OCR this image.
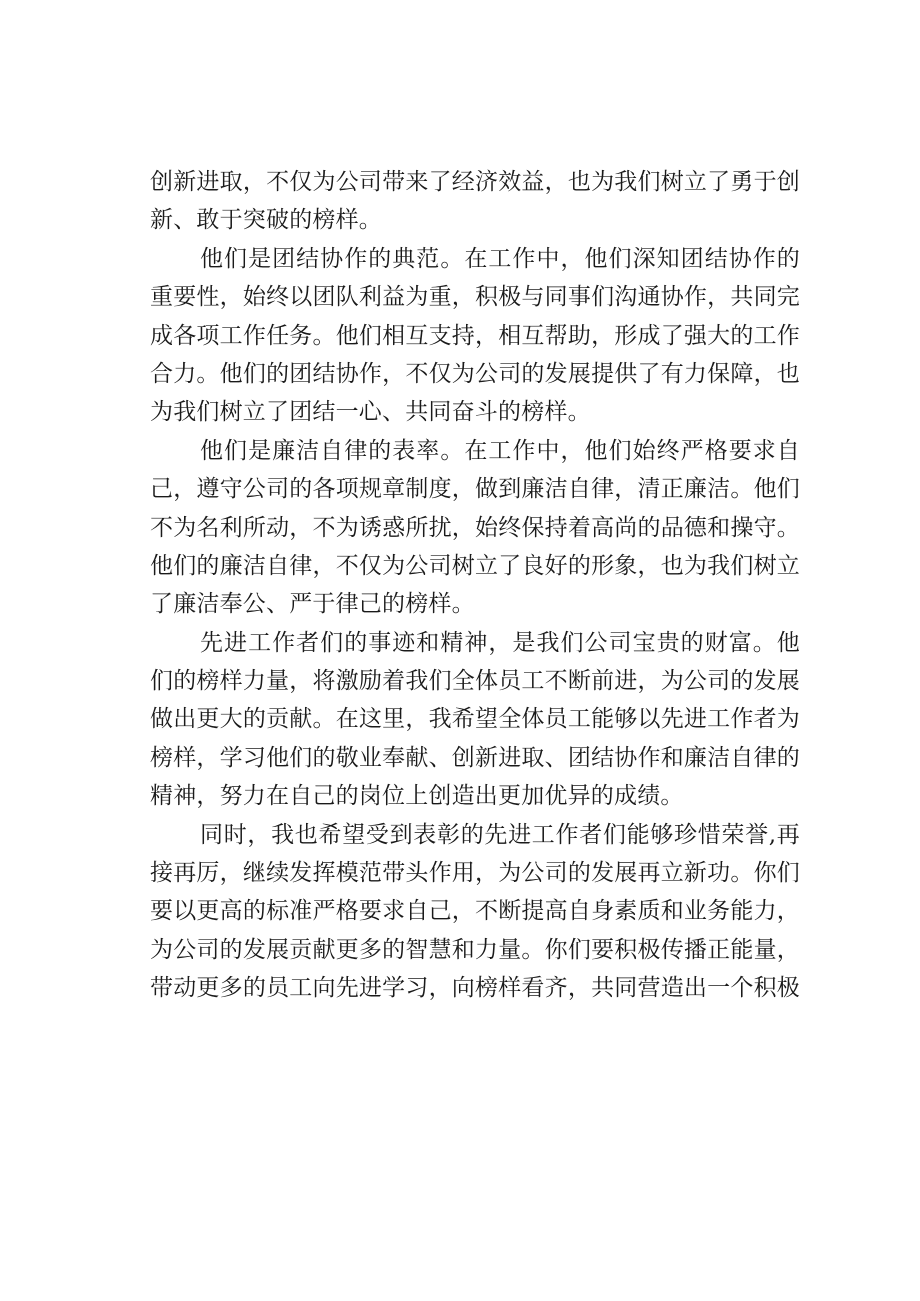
创新进取，不仅为公司带来了经济效益，也为我们树立了勇于创
新、敢于突破的榜样。
他们是团结协作的典范。在工作中，他们深知团结协作的
重要性，始终以团队利益为重，积极与同事们沟通协作，共同完
成各项工作任务。他们相互支持，相互帮助，形成了强大的工作
合力。他们的团结协作，不仅为公司的发展提供了有力保障，也
为我们树立了团结一心、共同奋斗的榜样。
他们是廉洁自律的表率。在工作中，他们始终严格要求自
己，遵守公司的各项规章制度，做到廉洁自律，清正廉洁。他们
不为名利所动，不为诱惑所扰，始终保持着高尚的品德和操守。
他们的廉洁自律，不仅为公司树立了良好的形象，也为我们树立
了廉洁奉公、严于律己的榜样。
先进工作者们的事迹和精神，是我们公司宝贵的财富。他
们的榜样力量，将激励着我们全体员工不断前进，为公司的发展
做出更大的贡献。在这里，我希望全体员工能够以先进工作者为
榜样，学习他们的敬业奉献、创新进取、团结协作和廉洁自律的
精神，努力在自己的岗位上创造出更加优异的成绩。
同时，我也希望受到表彰的先进工作者们能够珍惜荣誉,再
接再厉，继续发挥模范带头作用，为公司的发展再立新功。你们
要以更高的标准严格要求自己，不断提高自身素质和业务能力，
为公司的发展贡献更多的智慧和力量。你们要积极传播正能量，
带动更多的员工向先进学习，向榜样看齐，共同营造出一个积极
